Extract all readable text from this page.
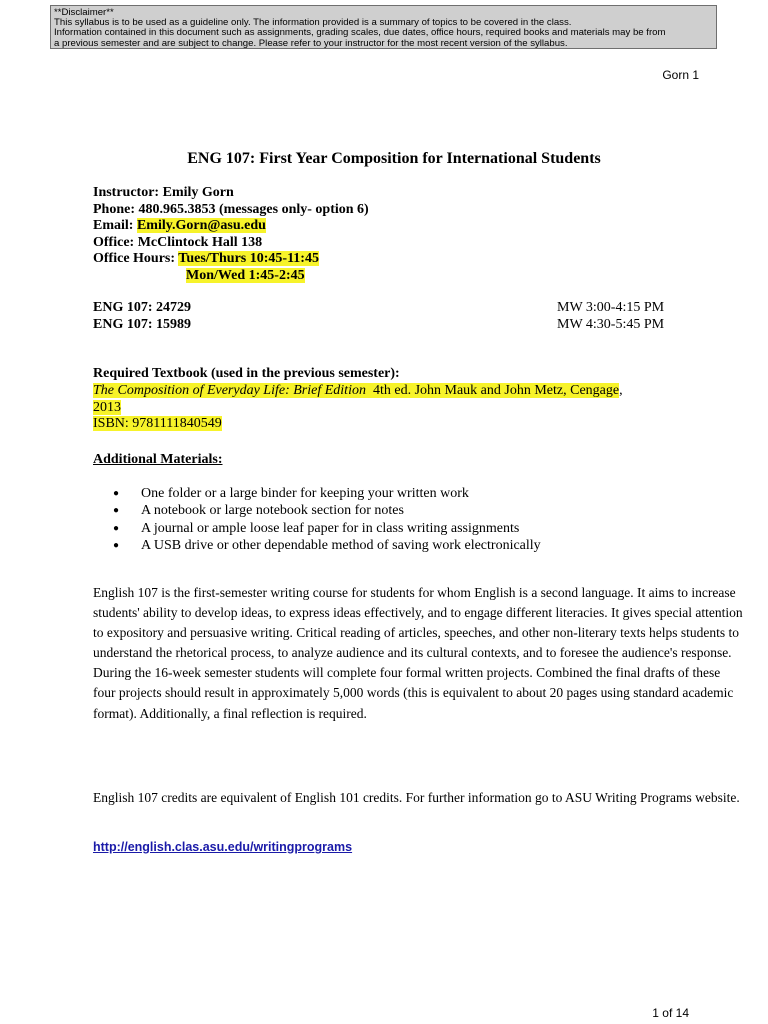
**Disclaimer**
This syllabus is to be used as a guideline only. The information provided is a summary of topics to be covered in the class.
Information contained in this document such as assignments, grading scales, due dates, office hours, required books and materials may be from
a previous semester and are subject to change. Please refer to your instructor for the most recent version of the syllabus.
Gorn 1
ENG 107: First Year Composition for International Students
Instructor: Emily Gorn
Phone: 480.965.3853 (messages only- option 6)
Email: Emily.Gorn@asu.edu
Office: McClintock Hall 138
Office Hours: Tues/Thurs 10:45-11:45
Mon/Wed 1:45-2:45
ENG 107: 24729	MW 3:00-4:15 PM
ENG 107: 15989	MW 4:30-5:45 PM
Required Textbook (used in the previous semester):
The Composition of Everyday Life: Brief Edition 4th ed. John Mauk and John Metz, Cengage,
2013
ISBN: 9781111840549
Additional Materials:
● One folder or a large binder for keeping your written work
● A notebook or large notebook section for notes
● A journal or ample loose leaf paper for in class writing assignments
● A USB drive or other dependable method of saving work electronically

English 107 is the first-semester writing course for students for whom English is a second language. It aims to increase students' ability to develop ideas, to express ideas effectively, and to engage different literacies. It gives special attention to expository and persuasive writing. Critical reading of articles, speeches, and other non-literary texts helps students to understand the rhetorical process, to analyze audience and its cultural contexts, and to foresee the audience's response. During the 16-week semester students will complete four formal written projects. Combined the final drafts of these four projects should result in approximately 5,000 words (this is equivalent to about 20 pages using standard academic format). Additionally, a final reflection is required.

English 107 credits are equivalent of English 101 credits. For further information go to ASU Writing Programs website.

http://english.clas.asu.edu/writingprograms
1 of 14
